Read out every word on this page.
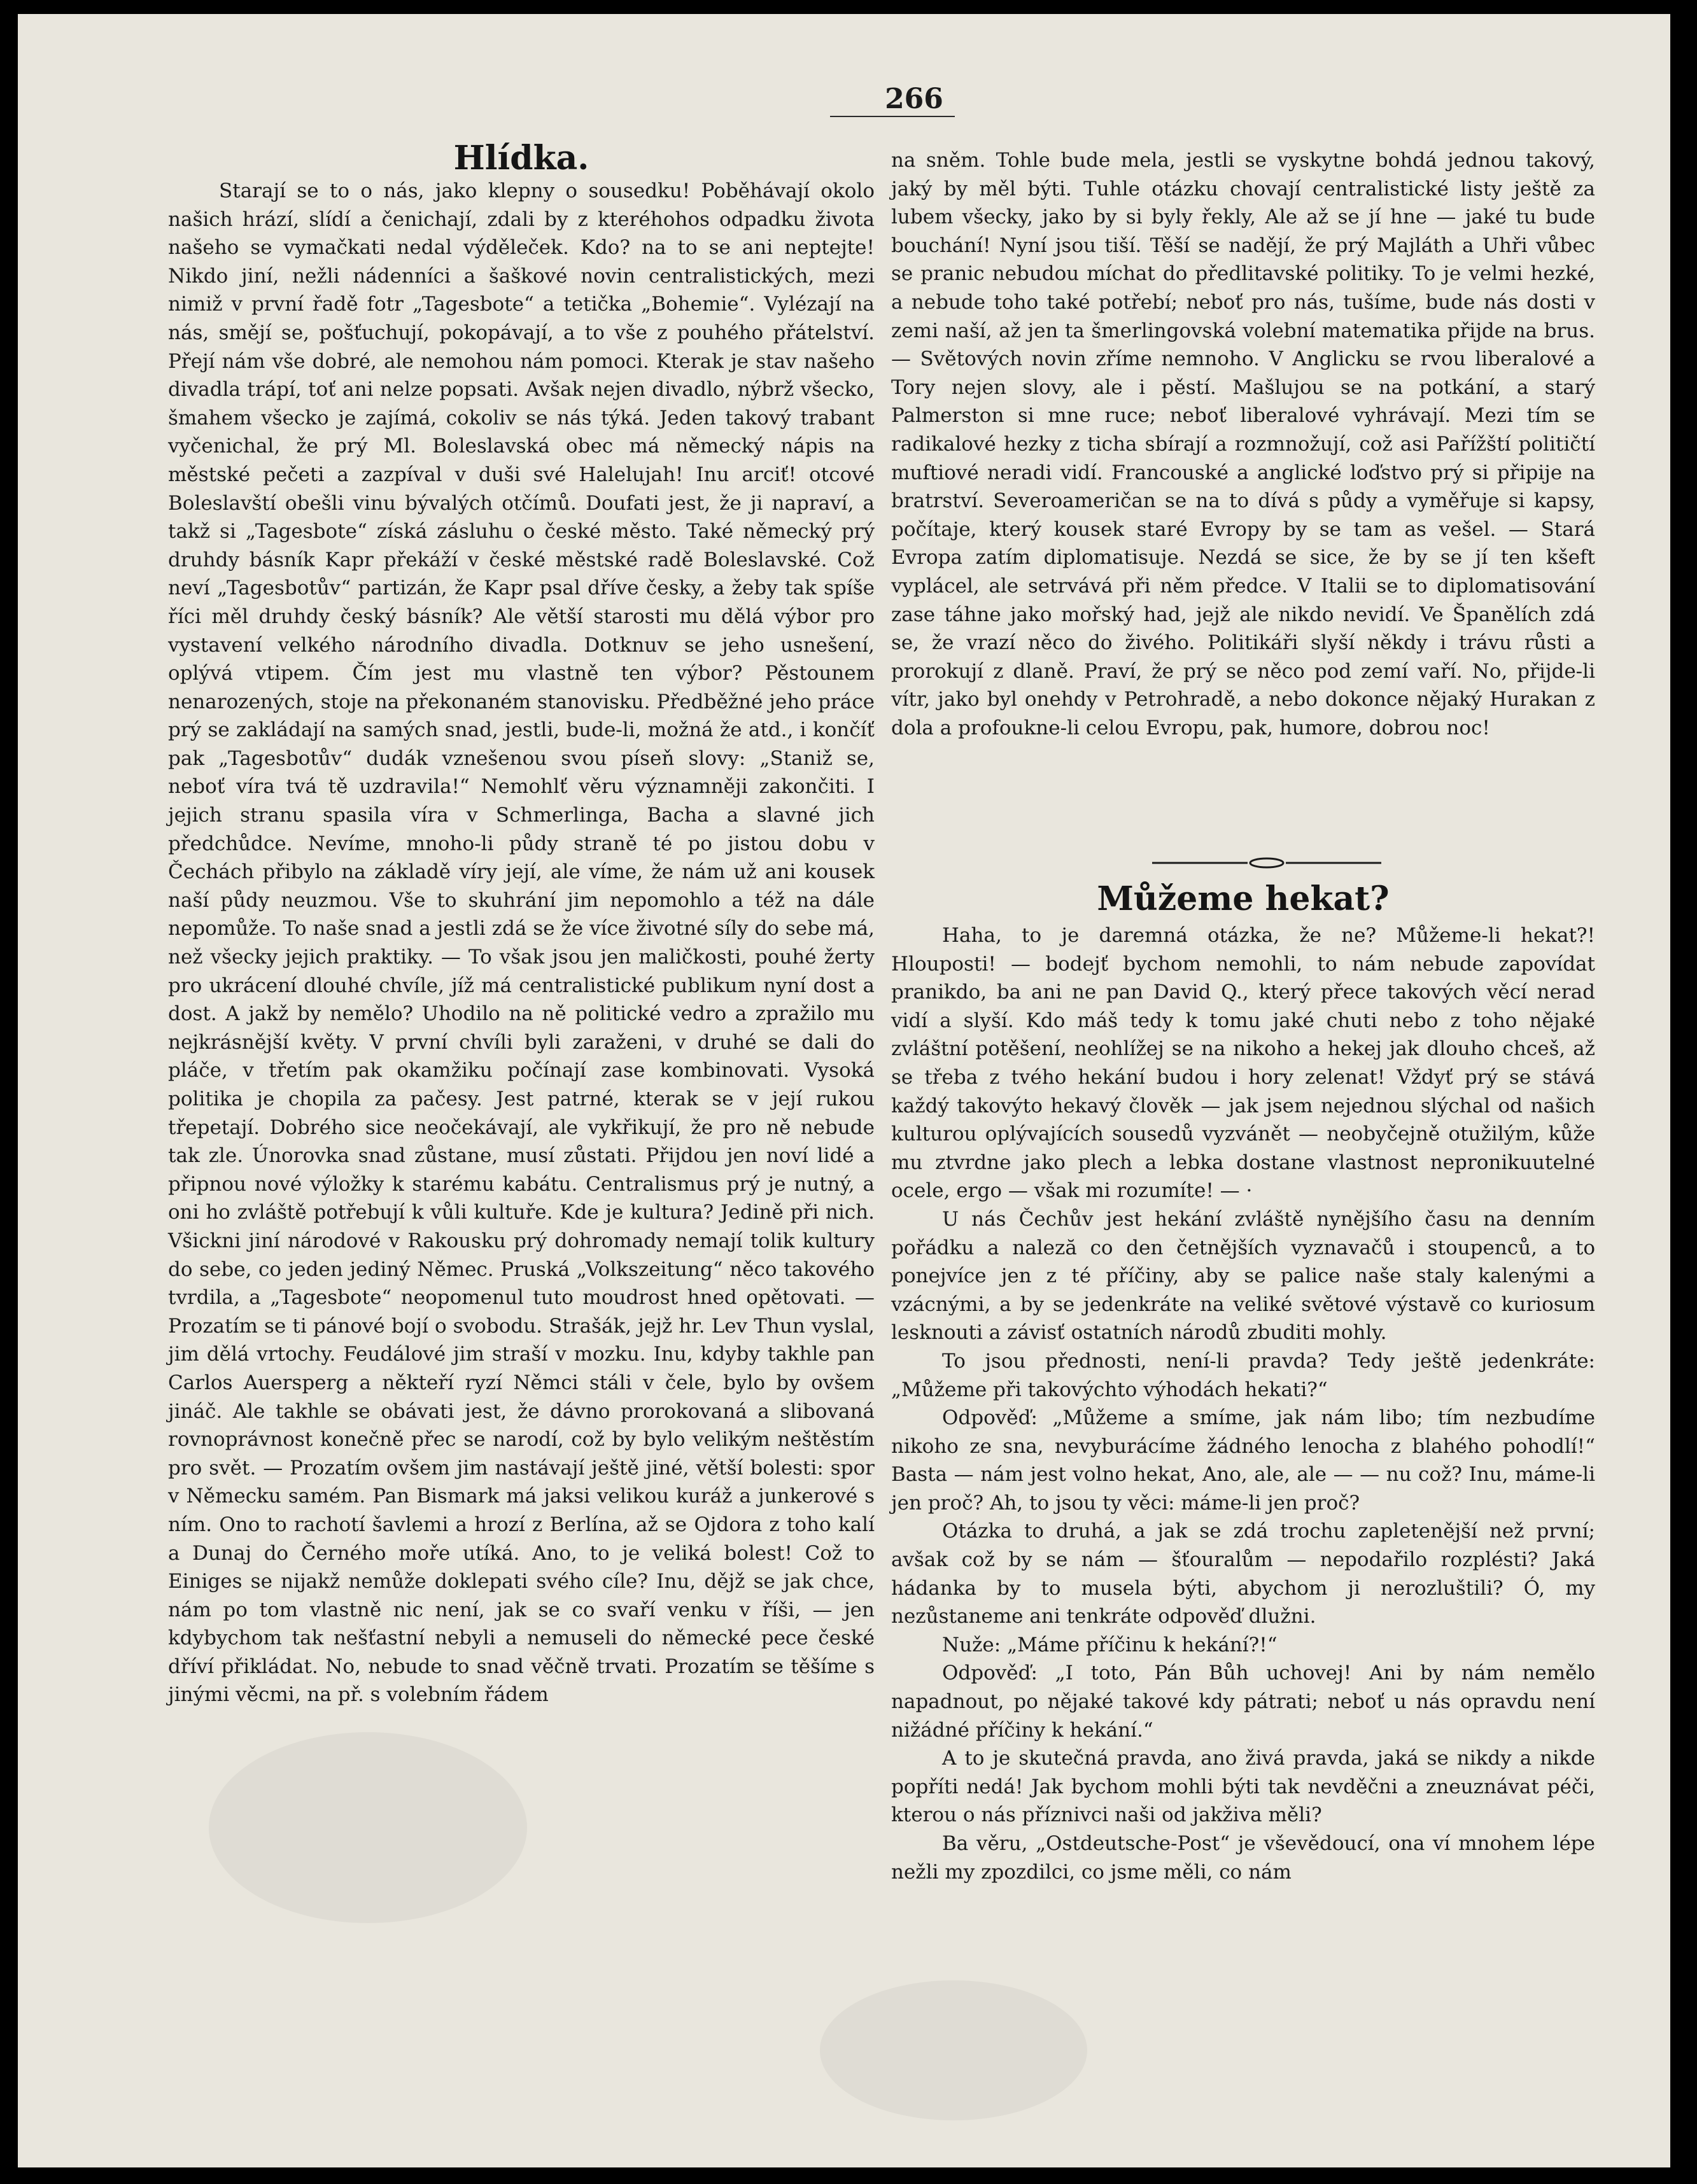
266
Hlídka.

Starají se to o nás, jako klepny o sousedku! Poběhávají okolo našich hrází, slídí a čenichají, zdali by z kteréhohos odpadku života našeho se vymačkati nedal výděleček. Kdo? na to se ani neptejte! Nikdo jiní, nežli nádenníci a šaškové novin centralistických, mezi nimiž v první řadě fotr „Tagesbote“ a tetička „Bohemie“. Vylézají na nás, smějí se, pošťuchují, pokopávají, a to vše z pouhého přátelství. Přejí nám vše dobré, ale nemohou nám pomoci. Kterak je stav našeho divadla trápí, toť ani nelze popsati. Avšak nejen divadlo, nýbrž všecko, šmahem všecko je zajímá, cokoliv se nás týká. Jeden takový trabant vyčenichal, že prý Ml. Boleslavská obec má německý nápis na městské pečeti a zazpíval v duši své Halelujah! Inu arciť! otcové Boleslavští obešli vinu bývalých otčímů. Doufati jest, že ji napraví, a takž si „Tagesbote“ získá zásluhu o české město. Také německý prý druhdy básník Kapr překáží v české městské radě Boleslavské. Což neví „Tagesbotův“ partizán, že Kapr psal dříve česky, a žeby tak spíše říci měl druhdy český básník? Ale větší starosti mu dělá výbor pro vystavení velkého národního divadla. Dotknuv se jeho usnešení, oplývá vtipem. Čím jest mu vlastně ten výbor? Pěstounem nenarozených, stoje na překonaném stanovisku. Předběžné jeho práce prý se zakládají na samých snad, jestli, bude-li, možná že atd., i končíť pak „Tagesbotův“ dudák vznešenou svou píseň slovy: „Staniž se, neboť víra tvá tě uzdravila!“ Nemohlť věru významněji zakončiti. I jejich stranu spasila víra v Schmerlinga, Bacha a slavné jich předchůdce. Nevíme, mnoho-li půdy straně té po jistou dobu v Čechách přibylo na základě víry její, ale víme, že nám už ani kousek naší půdy neuzmou. Vše to skuhrání jim nepomohlo a též na dále nepomůže. To naše snad a jestli zdá se že více životné síly do sebe má, než všecky jejich praktiky. — To však jsou jen maličkosti, pouhé žerty pro ukrácení dlouhé chvíle, jíž má centralistické publikum nyní dost a dost. A jakž by nemělo? Uhodilo na ně politické vedro a zpražilo mu nejkrásnější květy. V první chvíli byli zaraženi, v druhé se dali do pláče, v třetím pak okamžiku počínají zase kombinovati. Vysoká politika je chopila za pačesy. Jest patrné, kterak se v její rukou třepetají. Dobrého sice neočekávají, ale vykřikují, že pro ně nebude tak zle. Únorovka snad zůstane, musí zůstati. Přijdou jen noví lidé a připnou nové výložky k starému kabátu. Centralismus prý je nutný, a oni ho zvláště potřebují k vůli kultuře. Kde je kultura? Jedině při nich. Všickni jiní národové v Rakousku prý dohromady nemají tolik kultury do sebe, co jeden jediný Němec. Pruská „Volkszeitung“ něco takového tvrdila, a „Tagesbote“ neopomenul tuto moudrost hned opětovati. — Prozatím se ti pánové bojí o svobodu. Strašák, jejž hr. Lev Thun vyslal, jim dělá vrtochy. Feudálové jim straší v mozku. Inu, kdyby takhle pan Carlos Auersperg a někteří ryzí Němci stáli v čele, bylo by ovšem jináč. Ale takhle se obávati jest, že dávno prorokovaná a slibovaná rovnoprávnost konečně přec se narodí, což by bylo velikým neštěstím pro svět. — Prozatím ovšem jim nastávají ještě jiné, větší bolesti: spor v Německu samém. Pan Bismark má jaksi velikou kuráž a junkerové s ním. Ono to rachotí šavlemi a hrozí z Berlína, až se Ojdora z toho kalí a Dunaj do Černého moře utíká. Ano, to je veliká bolest! Což to Einiges se nijakž nemůže doklepati svého cíle? Inu, dějž se jak chce, nám po tom vlastně nic není, jak se co svaří venku v říši, — jen kdybychom tak nešťastní nebyli a nemuseli do německé pece české dříví přikládat. No, nebude to snad věčně trvati. Prozatím se těšíme s jinými věcmi, na př. s volebním řádem

na sněm. Tohle bude mela, jestli se vyskytne bohdá jednou takový, jaký by měl býti. Tuhle otázku chovají centralistické listy ještě za lubem všecky, jako by si byly řekly, Ale až se jí hne — jaké tu bude bouchání! Nyní jsou tiší. Těší se nadějí, že prý Majláth a Uhři vůbec se pranic nebudou míchat do předlitavské politiky. To je velmi hezké, a nebude toho také potřebí; neboť pro nás, tušíme, bude nás dosti v zemi naší, až jen ta šmerlingovská volební matematika přijde na brus. — Světových novin zříme nemnoho. V Anglicku se rvou liberalové a Tory nejen slovy, ale i pěstí. Mašlujou se na potkání, a starý Palmerston si mne ruce; neboť liberalové vyhrávají. Mezi tím se radikalové hezky z ticha sbírají a rozmnožují, což asi Pařížští političtí muftiové neradi vidí. Francouské a anglické loďstvo prý si připije na bratrství. Severoameričan se na to dívá s půdy a vyměřuje si kapsy, počítaje, který kousek staré Evropy by se tam as vešel. — Stará Evropa zatím diplomatisuje. Nezdá se sice, že by se jí ten kšeft vyplácel, ale setrvává při něm předce. V Italii se to diplomatisování zase táhne jako mořský had, jejž ale nikdo nevidí. Ve Španělích zdá se, že vrazí něco do živého. Politikáři slyší někdy i trávu růsti a prorokují z dlaně. Praví, že prý se něco pod zemí vaří. No, přijde-li vítr, jako byl onehdy v Petrohradě, a nebo dokonce nějaký Hurakan z dola a profoukne-li celou Evropu, pak, humore, dobrou noc!

Můžeme hekat?

Haha, to je daremná otázka, že ne? Můžeme-li hekat?! Hlouposti! — bodejť bychom nemohli, to nám nebude zapovídat pranikdo, ba ani ne pan David Q., který přece takových věcí nerad vidí a slyší. Kdo máš tedy k tomu jaké chuti nebo z toho nějaké zvláštní potěšení, neohlížej se na nikoho a hekej jak dlouho chceš, až se třeba z tvého hekání budou i hory zelenat! Vždyť prý se stává každý takovýto hekavý člověk — jak jsem nejednou slýchal od našich kulturou oplývajících sousedů vyzvánět — neobyčejně otužilým, kůže mu ztvrdne jako plech a lebka dostane vlastnost nepronikuutelné ocele, ergo — však mi rozumíte! — ·

U nás Čechův jest hekání zvláště nynějšího času na denním pořádku a naleză co den četnějších vyznavačů i stoupenců, a to ponejvíce jen z té příčiny, aby se palice naše staly kalenými a vzácnými, a by se jedenkráte na veliké světové výstavě co kuriosum lesknouti a závisť ostatních národů zbuditi mohly.

To jsou přednosti, není-li pravda? Tedy ještě jedenkráte: „Můžeme při takovýchto výhodách hekati?“

Odpověď: „Můžeme a smíme, jak nám libo; tím nezbudíme nikoho ze sna, nevyburácíme žádného lenocha z blahého pohodlí!“ Basta — nám jest volno hekat, Ano, ale, ale — — nu což? Inu, máme-li jen proč? Ah, to jsou ty věci: máme-li jen proč?

Otázka to druhá, a jak se zdá trochu zapletenější než první; avšak což by se nám — šťouralům — nepodařilo rozplésti? Jaká hádanka by to musela býti, abychom ji nerozluštili? Ó, my nezůstaneme ani tenkráte odpověď dlužni.

Nuže: „Máme příčinu k hekání?!“

Odpověď: „I toto, Pán Bůh uchovej! Ani by nám nemělo napadnout, po nějaké takové kdy pátrati; neboť u nás opravdu není nižádné příčiny k hekání.“

A to je skutečná pravda, ano živá pravda, jaká se nikdy a nikde popříti nedá! Jak bychom mohli býti tak nevděčni a zneuznávat péči, kterou o nás příznivci naši od jakživa měli?

Ba věru, „Ostdeutsche-Post“ je vševědoucí, ona ví mnohem lépe nežli my zpozdilci, co jsme měli, co nám
